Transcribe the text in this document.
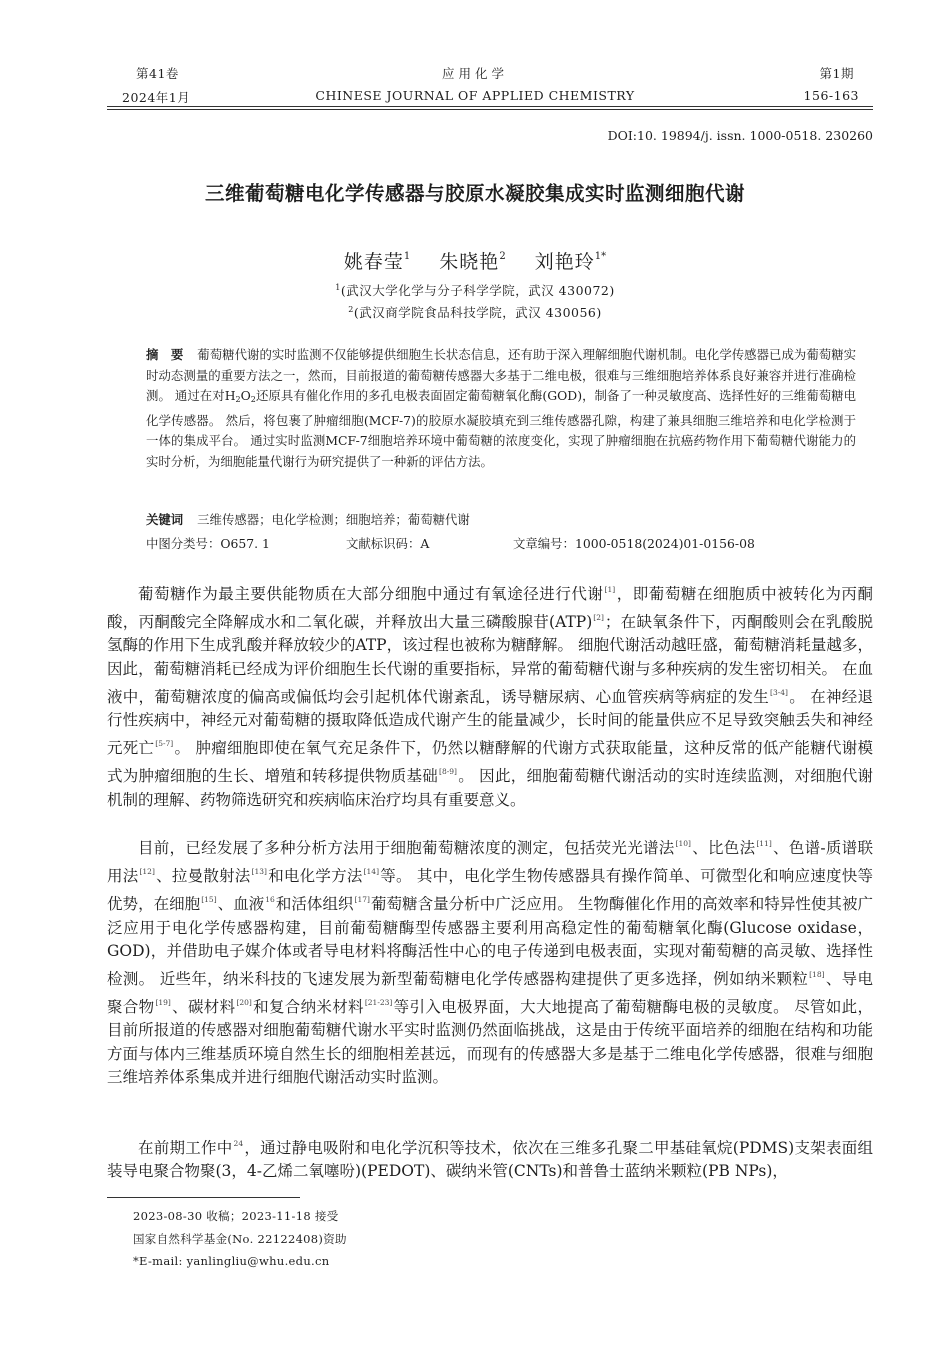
第41卷
2024年1月
应用化学
CHINESE JOURNAL OF APPLIED CHEMISTRY
第1期
156-163
DOI:10. 19894/j. issn. 1000-0518. 230260
三维葡萄糖电化学传感器与胶原水凝胶集成实时监测细胞代谢
姚春莹$^1$ 朱晓艳$^2$ 刘艳玲$^{1*}$
$^1$(武汉大学化学与分子科学学院，武汉 430072)
$^2$(武汉商学院食品科技学院，武汉 430056)

摘　要 葡萄糖代谢的实时监测不仅能够提供细胞生长状态信息，还有助于深入理解细胞代谢机制。电化学传感器已成为葡萄糖实时动态测量的重要方法之一，然而，目前报道的葡萄糖传感器大多基于二维电极，很难与三维细胞培养体系良好兼容并进行准确检测。 通过在对$H_2O_2$还原具有催化作用的多孔电极表面固定葡萄糖氧化酶(GOD)，制备了一种灵敏度高、选择性好的三维葡萄糖电化学传感器。 然后，将包裹了肿瘤细胞(MCF-7)的胶原水凝胶填充到三维传感器孔隙，构建了兼具细胞三维培养和电化学检测于一体的集成平台。 通过实时监测MCF-7细胞培养环境中葡萄糖的浓度变化，实现了肿瘤细胞在抗癌药物作用下葡萄糖代谢能力的实时分析，为细胞能量代谢行为研究提供了一种新的评估方法。

关键词 三维传感器；电化学检测；细胞培养；葡萄糖代谢
中图分类号：O657. 1	文献标识码：A	文章编号：1000-0518(2024)01-0156-08

葡萄糖作为最主要供能物质在大部分细胞中通过有氧途径进行代谢[1]，即葡萄糖在细胞质中被转化为丙酮酸，丙酮酸完全降解成水和二氧化碳，并释放出大量三磷酸腺苷(ATP)[2]；在缺氧条件下，丙酮酸则会在乳酸脱氢酶的作用下生成乳酸并释放较少的ATP，该过程也被称为糖酵解。 细胞代谢活动越旺盛，葡萄糖消耗量越多，因此，葡萄糖消耗已经成为评价细胞生长代谢的重要指标，异常的葡萄糖代谢与多种疾病的发生密切相关。 在血液中，葡萄糖浓度的偏高或偏低均会引起机体代谢紊乱，诱导糖尿病、心血管疾病等病症的发生[3-4]。 在神经退行性疾病中，神经元对葡萄糖的摄取降低造成代谢产生的能量减少，长时间的能量供应不足导致突触丢失和神经元死亡[5-7]。 肿瘤细胞即使在氧气充足条件下，仍然以糖酵解的代谢方式获取能量，这种反常的低产能糖代谢模式为肿瘤细胞的生长、增殖和转移提供物质基础[8-9]。 因此，细胞葡萄糖代谢活动的实时连续监测，对细胞代谢机制的理解、药物筛选研究和疾病临床治疗均具有重要意义。

目前，已经发展了多种分析方法用于细胞葡萄糖浓度的测定，包括荧光光谱法[10]、比色法[11]、色谱-质谱联用法[12]、拉曼散射法[13]和电化学方法[14]等。 其中，电化学生物传感器具有操作简单、可微型化和响应速度快等优势，在细胞[15]、血液$^{16}$和活体组织[17]葡萄糖含量分析中广泛应用。 生物酶催化作用的高效率和特异性使其被广泛应用于电化学传感器构建，目前葡萄糖酶型传感器主要利用高稳定性的葡萄糖氧化酶(Glucose oxidase，GOD)，并借助电子媒介体或者导电材料将酶活性中心的电子传递到电极表面，实现对葡萄糖的高灵敏、选择性检测。 近些年，纳米科技的飞速发展为新型葡萄糖电化学传感器构建提供了更多选择，例如纳米颗粒[18]、导电聚合物[19]、碳材料[20]和复合纳米材料[21-23]等引入电极界面，大大地提高了葡萄糖酶电极的灵敏度。 尽管如此，目前所报道的传感器对细胞葡萄糖代谢水平实时监测仍然面临挑战，这是由于传统平面培养的细胞在结构和功能方面与体内三维基质环境自然生长的细胞相差甚远，而现有的传感器大多是基于二维电化学传感器，很难与细胞三维培养体系集成并进行细胞代谢活动实时监测。

在前期工作中$^{24}$，通过静电吸附和电化学沉积等技术，依次在三维多孔聚二甲基硅氧烷(PDMS)支架表面组装导电聚合物聚(3，4-乙烯二氧噻吩)(PEDOT)、碳纳米管(CNTs)和普鲁士蓝纳米颗粒(PB NPs)，

2023-08-30 收稿；2023-11-18 接受
国家自然科学基金(No. 22122408)资助
*E-mail: yanlingliu@whu.edu.cn
